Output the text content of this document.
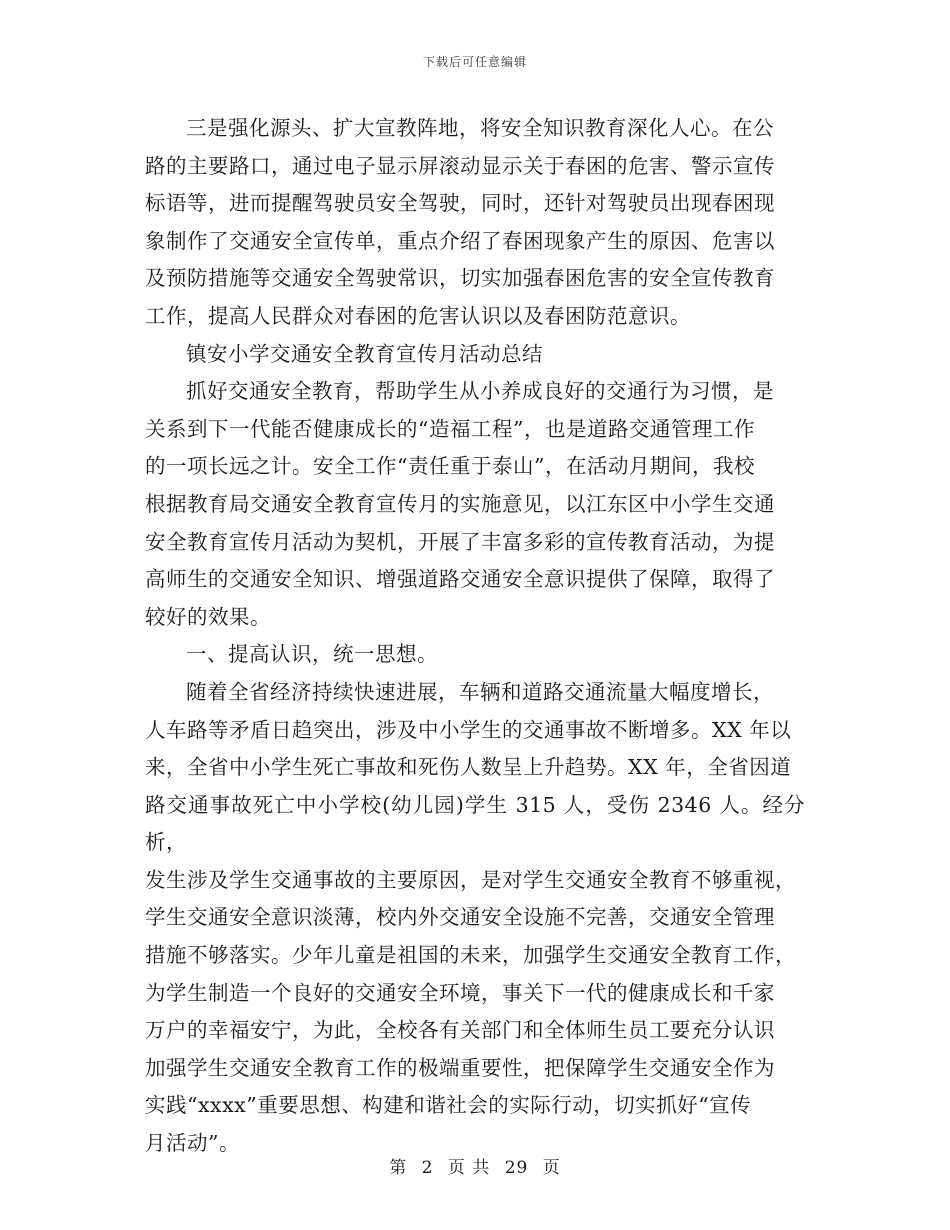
下载后可任意编辑

三是强化源头、扩大宣教阵地，将安全知识教育深化人心。在公
路的主要路口，通过电子显示屏滚动显示关于春困的危害、警示宣传
标语等，进而提醒驾驶员安全驾驶，同时，还针对驾驶员出现春困现
象制作了交通安全宣传单，重点介绍了春困现象产生的原因、危害以
及预防措施等交通安全驾驶常识，切实加强春困危害的安全宣传教育
工作，提高人民群众对春困的危害认识以及春困防范意识。

镇安小学交通安全教育宣传月活动总结

抓好交通安全教育，帮助学生从小养成良好的交通行为习惯，是
关系到下一代能否健康成长的“造福工程”，也是道路交通管理工作
的一项长远之计。安全工作“责任重于泰山”，在活动月期间，我校
根据教育局交通安全教育宣传月的实施意见，以江东区中小学生交通
安全教育宣传月活动为契机，开展了丰富多彩的宣传教育活动，为提
高师生的交通安全知识、增强道路交通安全意识提供了保障，取得了
较好的效果。

一、提高认识，统一思想。

随着全省经济持续快速进展，车辆和道路交通流量大幅度增长，
人车路等矛盾日趋突出，涉及中小学生的交通事故不断增多。XX 年以
来，全省中小学生死亡事故和死伤人数呈上升趋势。XX 年，全省因道
路交通事故死亡中小学校(幼儿园)学生 315 人，受伤 2346 人。经分析，
发生涉及学生交通事故的主要原因，是对学生交通安全教育不够重视，
学生交通安全意识淡薄，校内外交通安全设施不完善，交通安全管理
措施不够落实。少年儿童是祖国的未来，加强学生交通安全教育工作，
为学生制造一个良好的交通安全环境，事关下一代的健康成长和千家
万户的幸福安宁，为此，全校各有关部门和全体师生员工要充分认识
加强学生交通安全教育工作的极端重要性，把保障学生交通安全作为
实践“xxxx”重要思想、构建和谐社会的实际行动，切实抓好“宣传
月活动”。

第 2 页 共 29 页
